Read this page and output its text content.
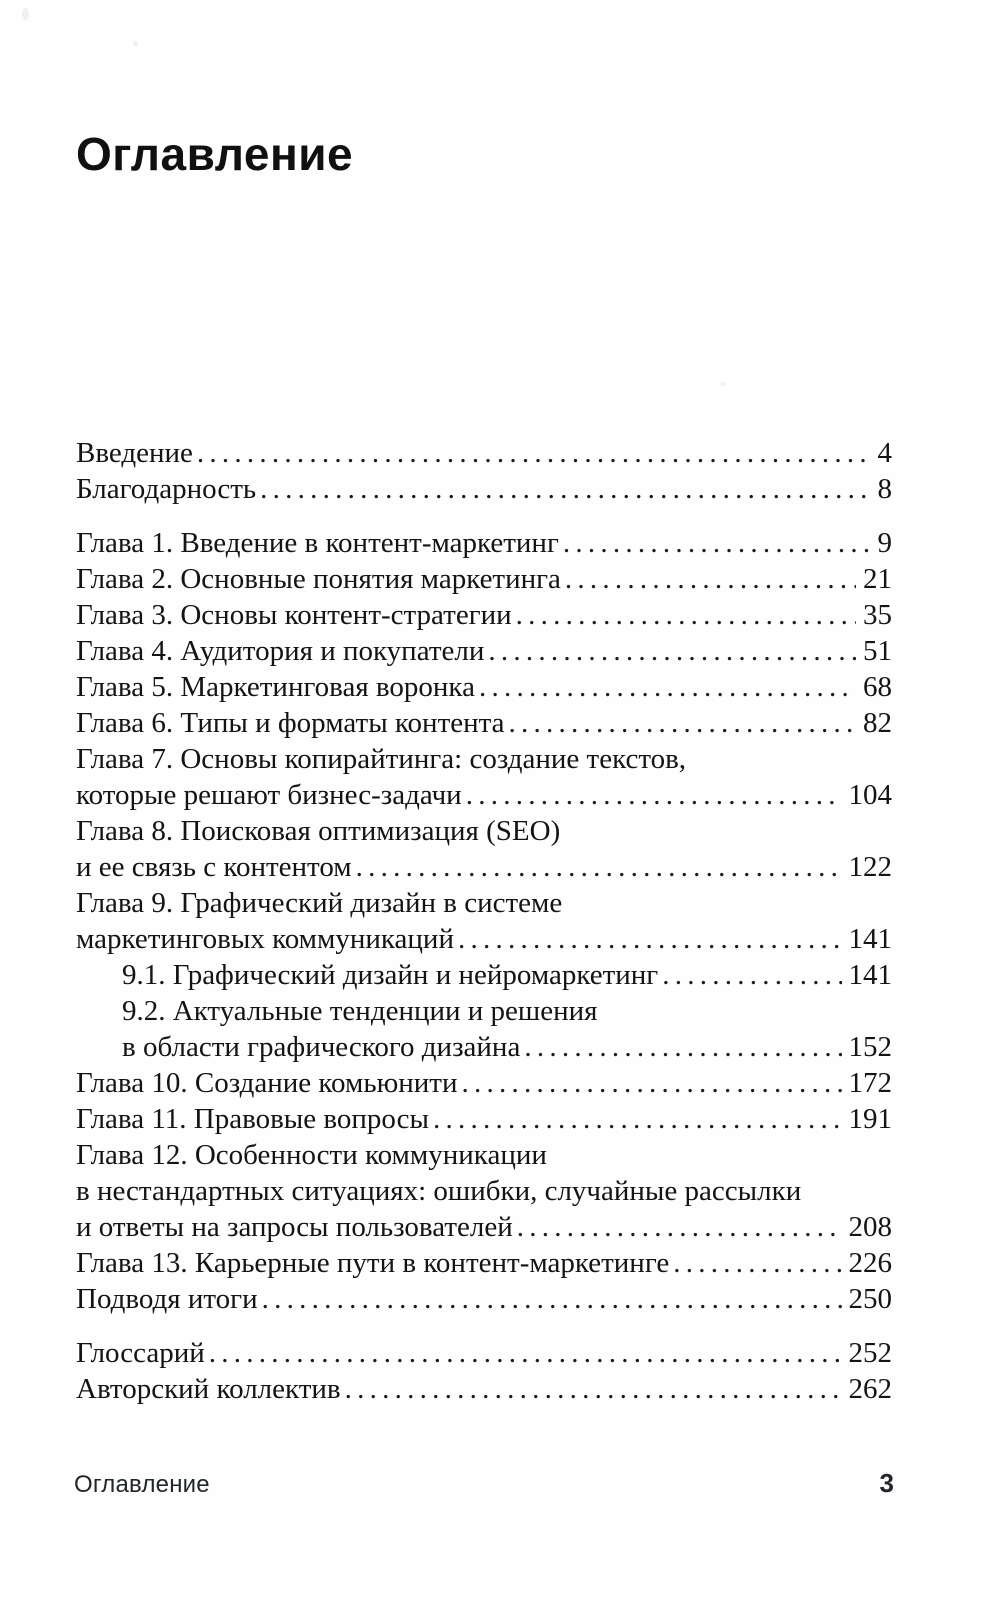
Оглавление
Введение . . .	4
Благодарность . . .	8
Глава 1. Введение в контент-маркетинг . . .	9
Глава 2. Основные понятия маркетинга . . .	21
Глава 3. Основы контент-стратегии . . .	35
Глава 4. Аудитория и покупатели . . .	51
Глава 5. Маркетинговая воронка . . .	68
Глава 6. Типы и форматы контента . . .	82
Глава 7. Основы копирайтинга: создание текстов,
которые решают бизнес-задачи . . .	104
Глава 8. Поисковая оптимизация (SEO)
и ее связь с контентом . . .	122
Глава 9. Графический дизайн в системе
маркетинговых коммуникаций . . .	141
9.1. Графический дизайн и нейромаркетинг . . .	141
9.2. Актуальные тенденции и решения
в области графического дизайна . . .	152
Глава 10. Создание комьюнити . . .	172
Глава 11. Правовые вопросы . . .	191
Глава 12. Особенности коммуникации
в нестандартных ситуациях: ошибки, случайные рассылки
и ответы на запросы пользователей . . .	208
Глава 13. Карьерные пути в контент-маркетинге . . .	226
Подводя итоги . . .	250
Глоссарий . . .	252
Авторский коллектив . . .	262
Оглавление	3
